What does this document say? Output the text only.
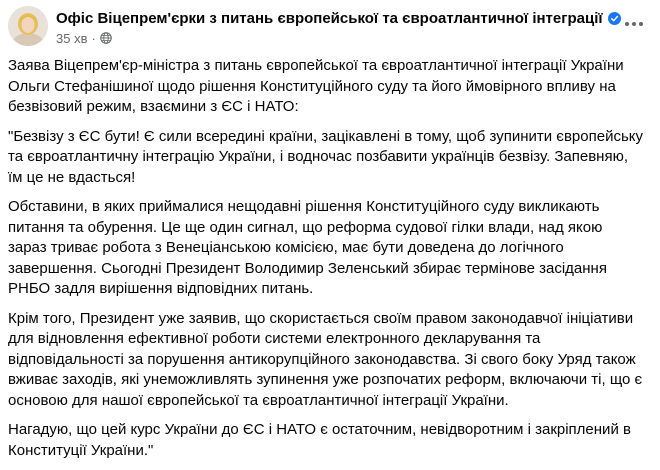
Офіс Віцепрем'єрки з питань європейської та євроатлантичної інтеграції
35 хв ·

Заява Віцепрем'єр-міністра з питань європейської та євроатлантичної інтеграції України Ольги Стефанішиної щодо рішення Конституційного суду та його ймовірного впливу на безвізовий режим, взаємини з ЄС і НАТО:

"Безвізу з ЄС бути! Є сили всередині країни, зацікавлені в тому, щоб зупинити європейську та євроатлантичну інтеграцію України, і водночас позбавити українців безвізу. Запевняю, їм це не вдасться!

Обставини, в яких приймалися нещодавні рішення Конституційного суду викликають питання та обурення. Це ще один сигнал, що реформа судової гілки влади, над якою зараз триває робота з Венеціанською комісією, має бути доведена до логічного завершення. Сьогодні Президент Володимир Зеленський збирає термінове засідання РНБО задля вирішення відповідних питань.

Крім того, Президент уже заявив, що скористається своїм правом законодавчої ініціативи для відновлення ефективної роботи системи електронного декларування та відповідальності за порушення антикорупційного законодавства. Зі свого боку Уряд також вживає заходів, які унеможливлять зупинення уже розпочатих реформ, включаючи ті, що є основою для нашої європейської та євроатлантичної інтеграції України.

Нагадую, що цей курс України до ЄС і НАТО є остаточним, невідворотним і закріплений в Конституції України."
